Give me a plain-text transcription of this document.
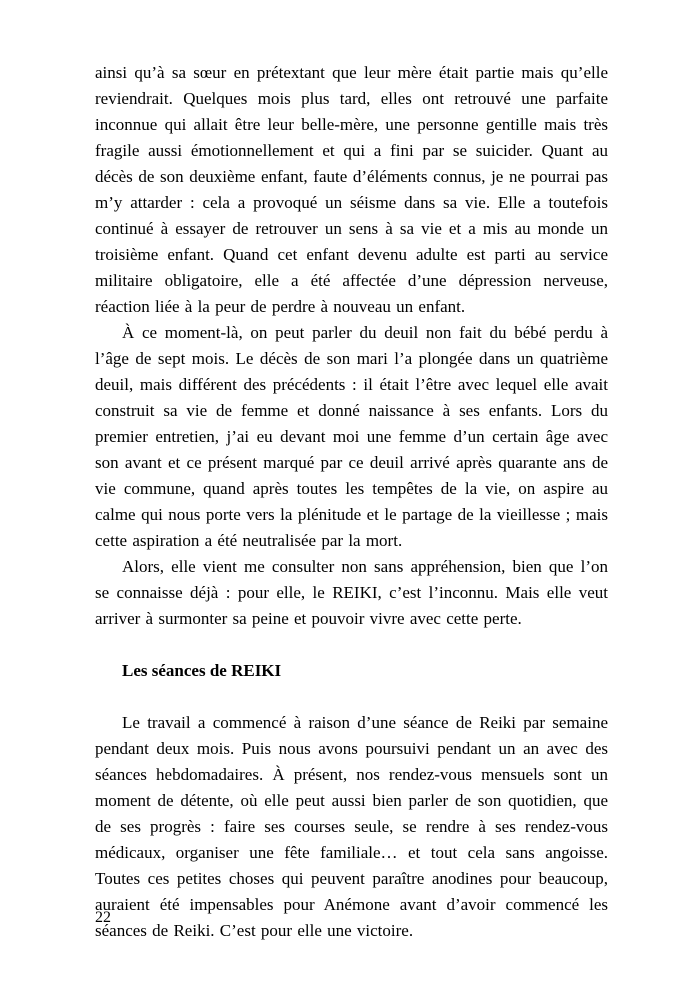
ainsi qu’à sa sœur en prétextant que leur mère était partie mais qu’elle reviendrait. Quelques mois plus tard, elles ont retrouvé une parfaite inconnue qui allait être leur belle-mère, une personne gentille mais très fragile aussi émotionnellement et qui a fini par se suicider. Quant au décès de son deuxième enfant, faute d’éléments connus, je ne pourrai pas m’y attarder : cela a provoqué un séisme dans sa vie. Elle a toutefois continué à essayer de retrouver un sens à sa vie et a mis au monde un troisième enfant. Quand cet enfant devenu adulte est parti au service militaire obligatoire, elle a été affectée d’une dépression nerveuse, réaction liée à la peur de perdre à nouveau un enfant.

À ce moment-là, on peut parler du deuil non fait du bébé perdu à l’âge de sept mois. Le décès de son mari l’a plongée dans un quatrième deuil, mais différent des précédents : il était l’être avec lequel elle avait construit sa vie de femme et donné naissance à ses enfants. Lors du premier entretien, j’ai eu devant moi une femme d’un certain âge avec son avant et ce présent marqué par ce deuil arrivé après quarante ans de vie commune, quand après toutes les tempêtes de la vie, on aspire au calme qui nous porte vers la plénitude et le partage de la vieillesse ; mais cette aspiration a été neutralisée par la mort.

Alors, elle vient me consulter non sans appréhension, bien que l’on se connaisse déjà : pour elle, le REIKI, c’est l’inconnu. Mais elle veut arriver à surmonter sa peine et pouvoir vivre avec cette perte.

Les séances de REIKI

Le travail a commencé à raison d’une séance de Reiki par semaine pendant deux mois. Puis nous avons poursuivi pendant un an avec des séances hebdomadaires. À présent, nos rendez-vous mensuels sont un moment de détente, où elle peut aussi bien parler de son quotidien, que de ses progrès : faire ses courses seule, se rendre à ses rendez-vous médicaux, organiser une fête familiale… et tout cela sans angoisse. Toutes ces petites choses qui peuvent paraître anodines pour beaucoup, auraient été impensables pour Anémone avant d’avoir commencé les séances de Reiki. C’est pour elle une victoire.

22
